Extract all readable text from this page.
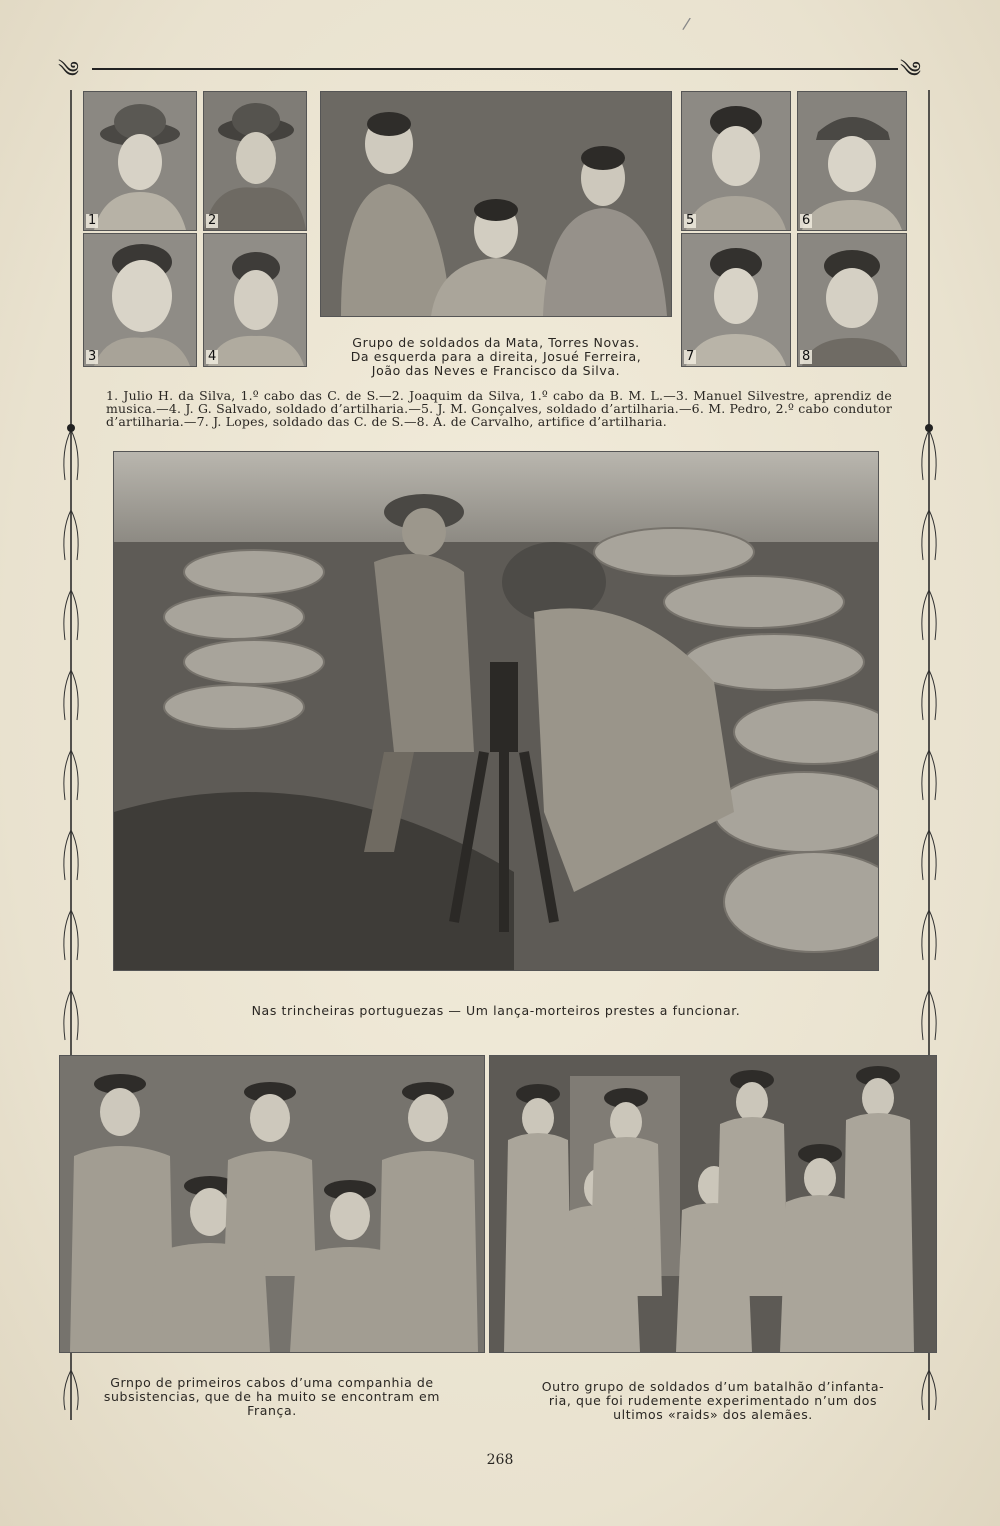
/
༄	༄
1	2
3	4
5	6
7	8
Grupo de soldados da Mata, Torres Novas.
Da esquerda para a direita, Josué Ferreira,
João das Neves e Francisco da Silva.
1. Julio H. da Silva, 1.º cabo das C. de S.—2. Joaquim da Silva, 1.º cabo da B. M. L.—3. Manuel Silvestre, aprendiz de musica.—4. J. G. Salvado, soldado d’artilharia.—5. J. M. Gonçalves, soldado d’artilharia.—6. M. Pedro, 2.º cabo condutor d’artilharia.—7. J. Lopes, soldado das C. de S.—8. A. de Carvalho, artifice d’artilharia.
Nas trincheiras portuguezas — Um lança-morteiros prestes a funcionar.
Grnpo de primeiros cabos d’uma companhia de
subsistencias, que de ha muito se encontram em
França.
Outro grupo de soldados d’um batalhão d’infanta-
ria, que foi rudemente experimentado n’um dos
ultimos «raids» dos alemães.
268
